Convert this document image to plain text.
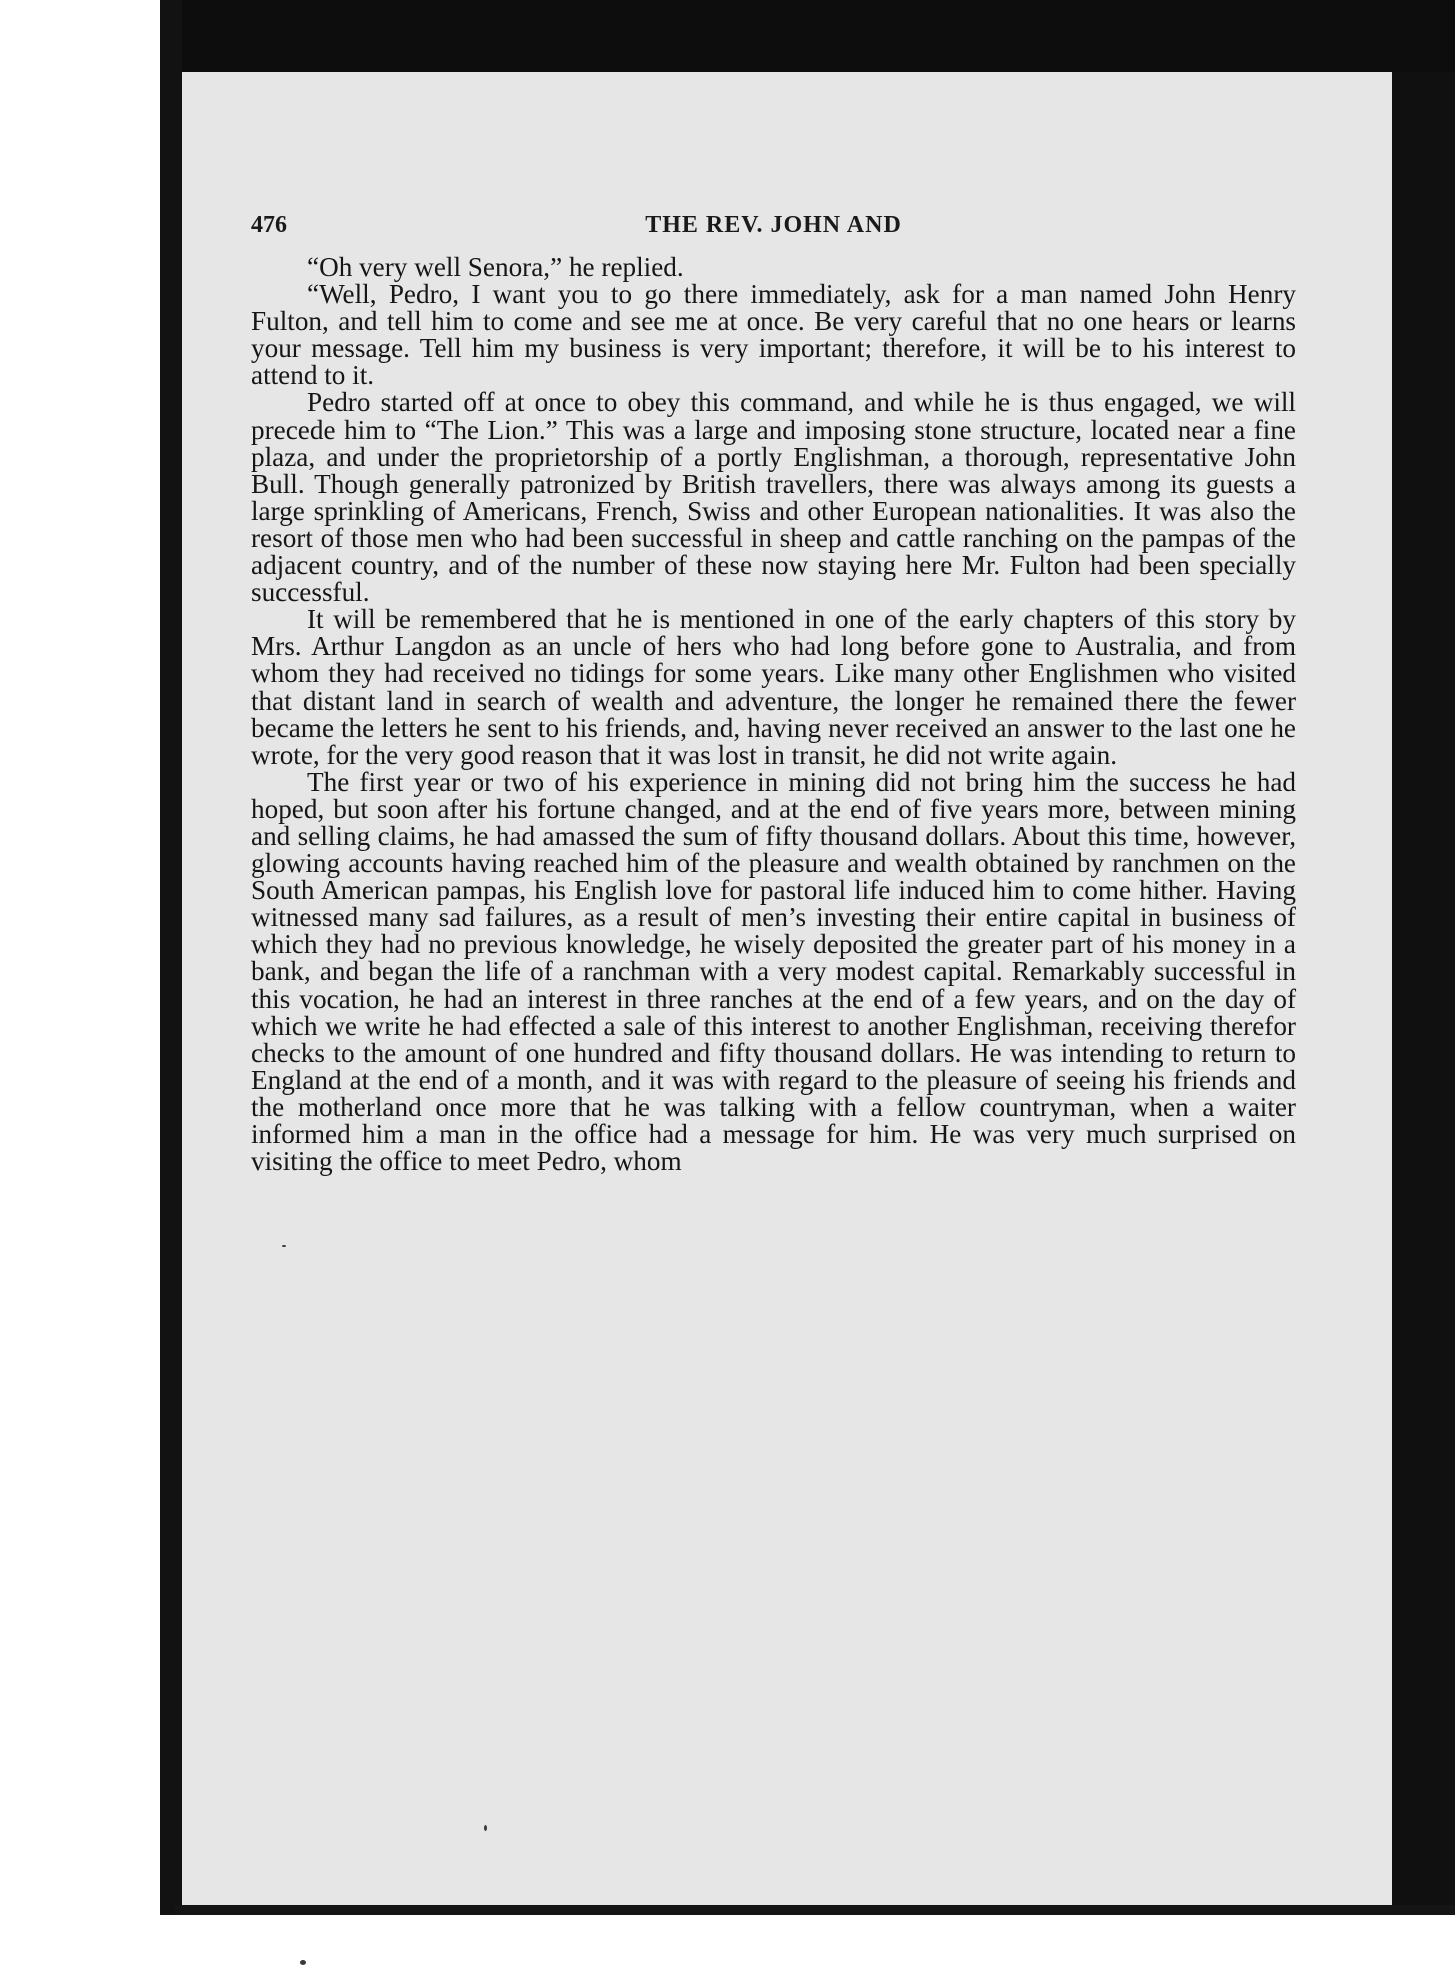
476	THE REV. JOHN AND

“Oh very well Senora,” he replied.

“Well, Pedro, I want you to go there immediately, ask for a man named John Henry Fulton, and tell him to come and see me at once. Be very careful that no one hears or learns your message. Tell him my business is very important; therefore, it will be to his interest to attend to it.

Pedro started off at once to obey this command, and while he is thus engaged, we will precede him to “The Lion.” This was a large and imposing stone structure, located near a fine plaza, and under the proprietorship of a portly Englishman, a thorough, representative John Bull. Though generally patronized by British travellers, there was always among its guests a large sprinkling of Americans, French, Swiss and other European nationalities. It was also the resort of those men who had been successful in sheep and cattle ranching on the pampas of the adjacent country, and of the number of these now staying here Mr. Fulton had been specially successful.

It will be remembered that he is mentioned in one of the early chapters of this story by Mrs. Arthur Langdon as an uncle of hers who had long before gone to Australia, and from whom they had received no tidings for some years. Like many other Englishmen who visited that distant land in search of wealth and adventure, the longer he remained there the fewer became the letters he sent to his friends, and, having never received an answer to the last one he wrote, for the very good reason that it was lost in transit, he did not write again.

The first year or two of his experience in mining did not bring him the success he had hoped, but soon after his fortune changed, and at the end of five years more, between mining and selling claims, he had amassed the sum of fifty thousand dollars. About this time, however, glowing accounts having reached him of the pleasure and wealth obtained by ranchmen on the South American pampas, his English love for pastoral life induced him to come hither. Having witnessed many sad failures, as a result of men’s investing their entire capital in business of which they had no previous knowledge, he wisely deposited the greater part of his money in a bank, and began the life of a ranchman with a very modest capital. Remarkably successful in this vocation, he had an interest in three ranches at the end of a few years, and on the day of which we write he had effected a sale of this interest to another Englishman, receiving therefor checks to the amount of one hundred and fifty thousand dollars. He was intending to return to England at the end of a month, and it was with regard to the pleasure of seeing his friends and the motherland once more that he was talking with a fellow countryman, when a waiter informed him a man in the office had a message for him. He was very much surprised on visiting the office to meet Pedro, whom
